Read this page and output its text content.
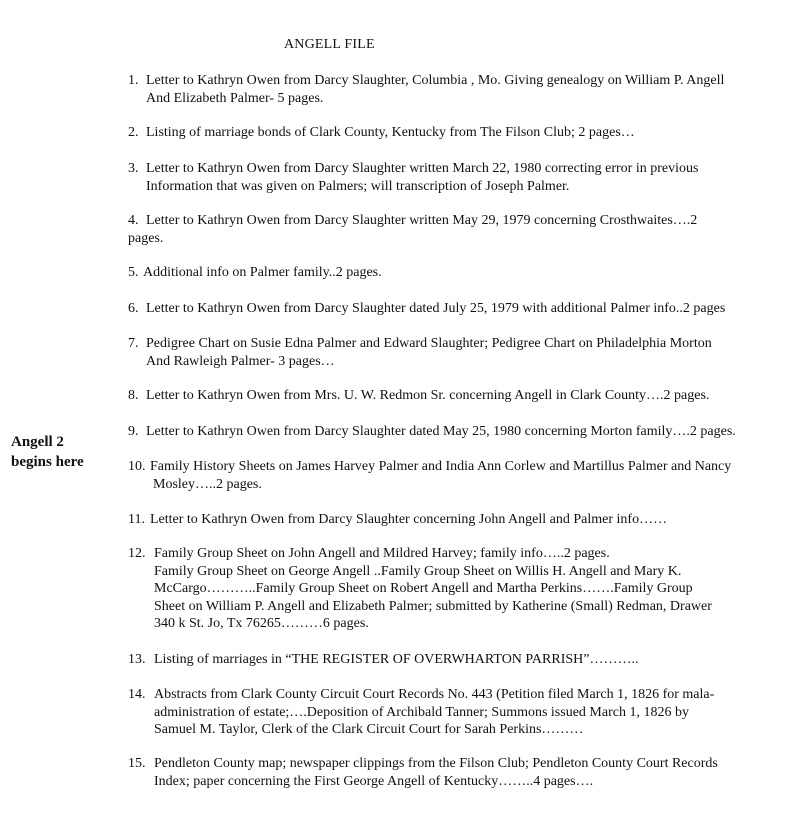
ANGELL FILE
Angell 2
begins here
1. Letter to Kathryn Owen from Darcy Slaughter, Columbia , Mo. Giving genealogy on William P. Angell
And Elizabeth Palmer- 5 pages.
2. Listing of marriage bonds of Clark County, Kentucky from The Filson Club; 2 pages…
3. Letter to Kathryn Owen from Darcy Slaughter written March 22, 1980 correcting error in previous
Information that was given on Palmers; will transcription of Joseph Palmer.
4. Letter to Kathryn Owen from Darcy Slaughter written May 29, 1979 concerning Crosthwaites….2
pages.
5. Additional info on Palmer family..2 pages.
6. Letter to Kathryn Owen from Darcy Slaughter dated July 25, 1979 with additional Palmer info..2 pages
7. Pedigree Chart on Susie Edna Palmer and Edward Slaughter; Pedigree Chart on Philadelphia Morton
And Rawleigh Palmer- 3 pages…
8. Letter to Kathryn Owen from Mrs. U. W. Redmon Sr. concerning Angell in Clark County….2 pages.
9. Letter to Kathryn Owen from Darcy Slaughter dated May 25, 1980 concerning Morton family….2 pages.
10. Family History Sheets on James Harvey Palmer and India Ann Corlew and Martillus Palmer and Nancy
Mosley…..2 pages.
11. Letter to Kathryn Owen from Darcy Slaughter concerning John Angell and Palmer info……
12. Family Group Sheet on John Angell and Mildred Harvey; family info…..2 pages.
Family Group Sheet on George Angell ..Family Group Sheet on Willis H. Angell and Mary K.
McCargo………..Family Group Sheet on Robert Angell and Martha Perkins…….Family Group
Sheet on William P. Angell and Elizabeth Palmer; submitted by Katherine (Small) Redman, Drawer
340 k St. Jo, Tx 76265………6 pages.
13. Listing of marriages in “THE REGISTER OF OVERWHARTON PARRISH”………..
14. Abstracts from Clark County Circuit Court Records No. 443 (Petition filed March 1, 1826 for mala-
administration of estate;….Deposition of Archibald Tanner; Summons issued March 1, 1826 by
Samuel M. Taylor, Clerk of the Clark Circuit Court for Sarah Perkins………
15. Pendleton County map; newspaper clippings from the Filson Club; Pendleton County Court Records
Index; paper concerning the First George Angell of Kentucky……..4 pages….
